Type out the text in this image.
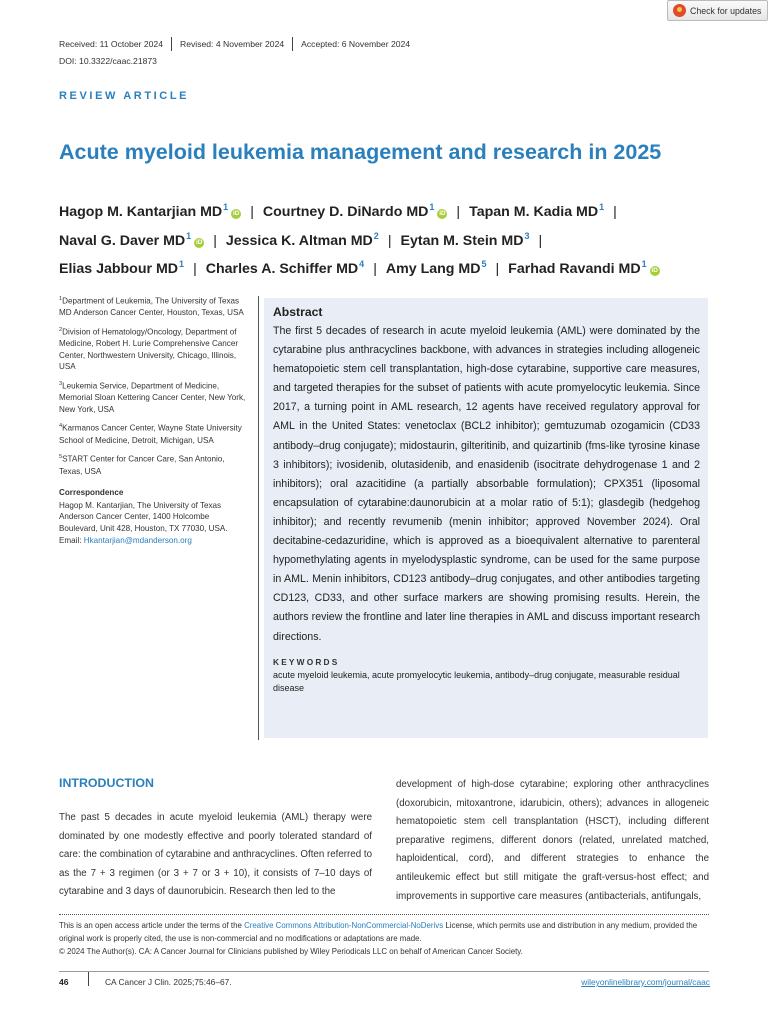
Check for updates
Received: 11 October 2024 Revised: 4 November 2024 Accepted: 6 November 2024
DOI: 10.3322/caac.21873
REVIEW ARTICLE
Acute myeloid leukemia management and research in 2025
Hagop M. Kantarjian $MD^1iD$ | Courtney D. DiNardo $MD^1iD$ | Tapan M. Kadia $MD^1$ |
Naval G. Daver $MD^1iD$ | Jessica K. Altman $MD^2$ | Eytan M. Stein $MD^3$ |
Elias Jabbour $MD^1$ | Charles A. Schiffer $MD^4$ | Amy Lang $MD^5$ | Farhad Ravandi $MD^1iD$
$^1$Department of Leukemia, The University of Texas MD Anderson Cancer Center, Houston, Texas, USA
$^2$Division of Hematology/Oncology, Department of Medicine, Robert H. Lurie Comprehensive Cancer Center, Northwestern University, Chicago, Illinois, USA
$^3$Leukemia Service, Department of Medicine, Memorial Sloan Kettering Cancer Center, New York, New York, USA
$^4$Karmanos Cancer Center, Wayne State University School of Medicine, Detroit, Michigan, USA
$^5$START Center for Cancer Care, San Antonio, Texas, USA
Correspondence
Hagop M. Kantarjian, The University of Texas Anderson Cancer Center, 1400 Holcombe Boulevard, Unit 428, Houston, TX 77030, USA.
Email: Hkantarjian@mdanderson.org
Abstract
The first 5 decades of research in acute myeloid leukemia (AML) were dominated by the cytarabine plus anthracyclines backbone, with advances in strategies including allogeneic hematopoietic stem cell transplantation, high-dose cytarabine, supportive care measures, and targeted therapies for the subset of patients with acute promyelocytic leukemia. Since 2017, a turning point in AML research, 12 agents have received regulatory approval for AML in the United States: venetoclax (BCL2 inhibitor); gemtuzumab ozogamicin (CD33 antibody–drug conjugate); midostaurin, gilteritinib, and quizartinib (fms-like tyrosine kinase 3 inhibitors); ivosidenib, olutasidenib, and enasidenib (isocitrate dehydrogenase 1 and 2 inhibitors); oral azacitidine (a partially absorbable formulation); CPX351 (liposomal encapsulation of cytarabine:daunorubicin at a molar ratio of 5:1); glasdegib (hedgehog inhibitor); and recently revumenib (menin inhibitor; approved November 2024). Oral decitabine-cedazuridine, which is approved as a bioequivalent alternative to parenteral hypomethylating agents in myelodysplastic syndrome, can be used for the same purpose in AML. Menin inhibitors, CD123 antibody–drug conjugates, and other antibodies targeting CD123, CD33, and other surface markers are showing promising results. Herein, the authors review the frontline and later line therapies in AML and discuss important research directions.
KEYWORDS
acute myeloid leukemia, acute promyelocytic leukemia, antibody–drug conjugate, measurable residual disease
INTRODUCTION
The past 5 decades in acute myeloid leukemia (AML) therapy were dominated by one modestly effective and poorly tolerated standard of care: the combination of cytarabine and anthracyclines. Often referred to as the 7 + 3 regimen (or 3 + 7 or 3 + 10), it consists of 7–10 days of cytarabine and 3 days of daunorubicin. Research then led to the
development of high-dose cytarabine; exploring other anthracyclines (doxorubicin, mitoxantrone, idarubicin, others); advances in allogeneic hematopoietic stem cell transplantation (HSCT), including different preparative regimens, different donors (related, unrelated matched, haploidentical, cord), and different strategies to enhance the antileukemic effect but still mitigate the graft-versus-host effect; and improvements in supportive care measures (antibacterials, antifungals,
This is an open access article under the terms of the Creative Commons Attribution-NonCommercial-NoDerivs License, which permits use and distribution in any medium, provided the original work is properly cited, the use is non-commercial and no modifications or adaptations are made.
© 2024 The Author(s). CA: A Cancer Journal for Clinicians published by Wiley Periodicals LLC on behalf of American Cancer Society.
46	CA Cancer J Clin. 2025;75:46–67.	wileyonlinelibrary.com/journal/caac
